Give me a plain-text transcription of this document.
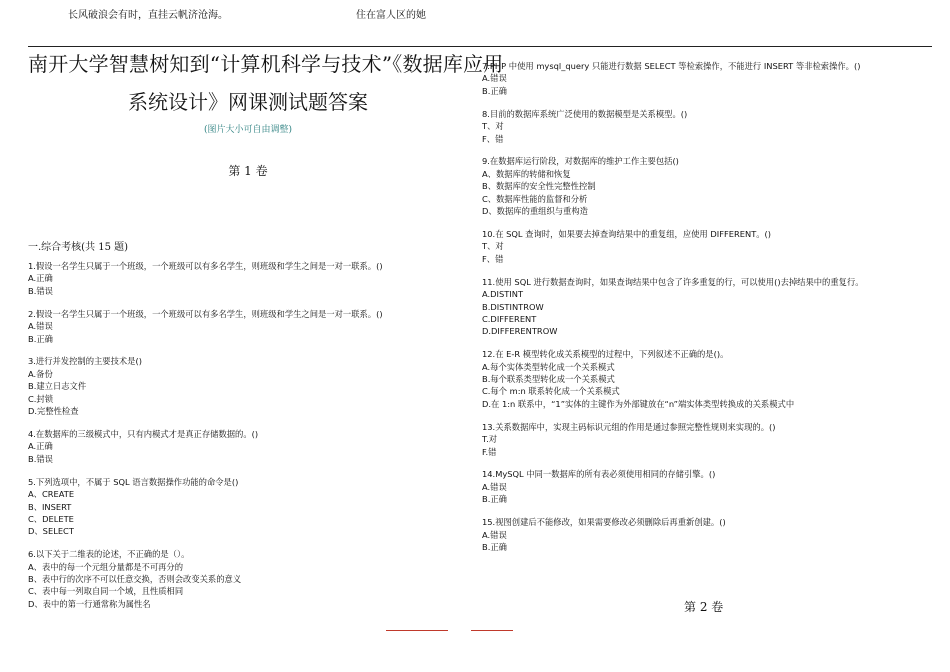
长风破浪会有时，直挂云帆济沧海。	住在富人区的她
南开大学智慧树知到“计算机科学与技术”《数据库应用
系统设计》网课测试题答案
(图片大小可自由调整)
第 1 卷
一.综合考核(共 15 题)
1.假设一名学生只属于一个班级，一个班级可以有多名学生，则班级和学生之间是一对一联系。()
A.正确
B.错误
2.假设一名学生只属于一个班级，一个班级可以有多名学生，则班级和学生之间是一对一联系。()
A.错误
B.正确
3.进行并发控制的主要技术是()
A.备份
B.建立日志文件
C.封锁
D.完整性检查
4.在数据库的三级模式中，只有内模式才是真正存储数据的。()
A.正确
B.错误
5.下列选项中，不属于 SQL 语言数据操作功能的命令是()
A、CREATE
B、INSERT
C、DELETE
D、SELECT
6.以下关于二维表的论述，不正确的是（）。
A、表中的每一个元组分量都是不可再分的
B、表中行的次序不可以任意交换，否则会改变关系的意义
C、表中每一列取自同一个域，且性质相同
D、表中的第一行通常称为属性名
7.PHP 中使用 mysql_query 只能进行数据 SELECT 等检索操作，不能进行 INSERT 等非检索操作。()
A.错误
B.正确
8.目前的数据库系统广泛使用的数据模型是关系模型。()
T、对
F、错
9.在数据库运行阶段，对数据库的维护工作主要包括()
A、数据库的转储和恢复
B、数据库的安全性完整性控制
C、数据库性能的监督和分析
D、数据库的重组织与重构造
10.在 SQL 查询时，如果要去掉查询结果中的重复组，应使用 DIFFERENT。()
T、对
F、错
11.使用 SQL 进行数据查询时，如果查询结果中包含了许多重复的行，可以使用()去掉结果中的重复行。
A.DISTINT
B.DISTINTROW
C.DIFFERENT
D.DIFFERENTROW
12.在 E-R 模型转化成关系模型的过程中，下列叙述不正确的是()。
A.每个实体类型转化成一个关系模式
B.每个联系类型转化成一个关系模式
C.每个 m:n 联系转化成一个关系模式
D.在 1:n 联系中，“1”实体的主键作为外部键放在“n”端实体类型转换成的关系模式中
13.关系数据库中，实现主码标识元组的作用是通过参照完整性规则来实现的。()
T.对
F.错
14.MySQL 中同一数据库的所有表必须使用相同的存储引擎。()
A.错误
B.正确
15.视图创建后不能修改，如果需要修改必须删除后再重新创建。()
A.错误
B.正确
第 2 卷
